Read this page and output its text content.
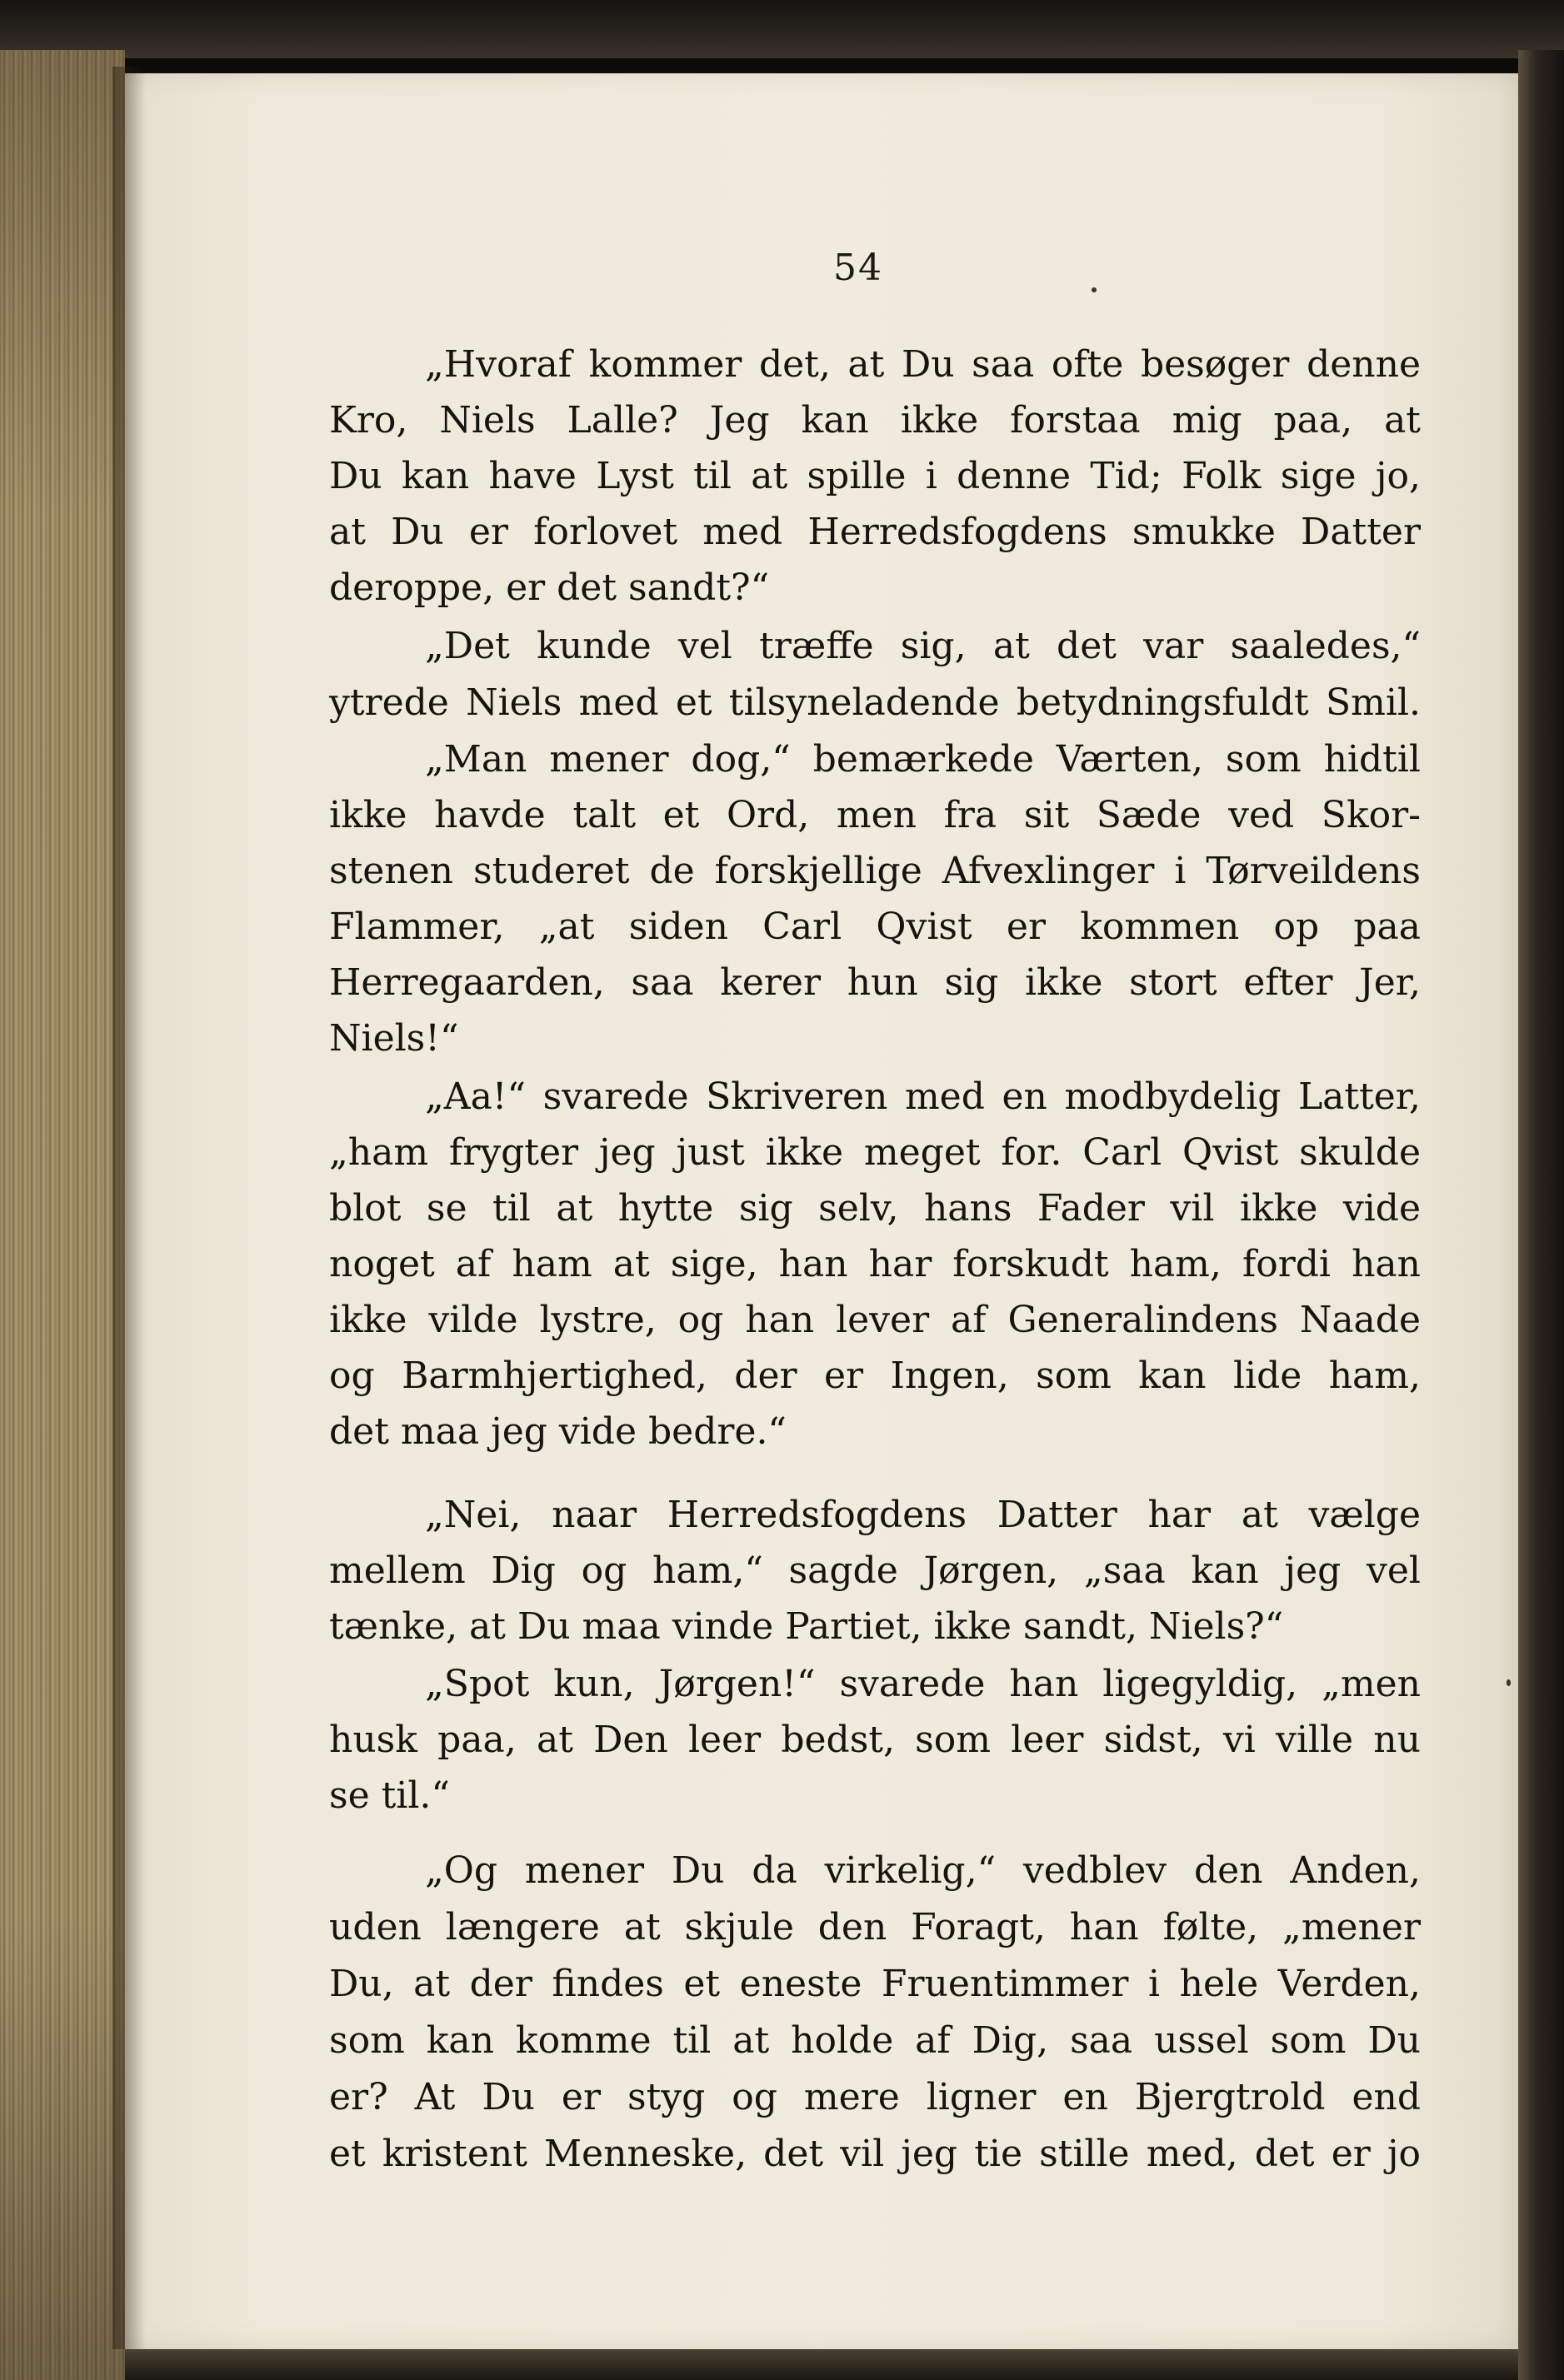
54
„Hvoraf kommer det, at Du saa ofte besøger denne
Kro, Niels Lalle? Jeg kan ikke forstaa mig paa, at
Du kan have Lyst til at spille i denne Tid; Folk sige jo,
at Du er forlovet med Herredsfogdens smukke Datter
deroppe, er det sandt?“
„Det kunde vel træffe sig, at det var saaledes,“
ytrede Niels med et tilsyneladende betydningsfuldt Smil.
„Man mener dog,“ bemærkede Værten, som hidtil
ikke havde talt et Ord, men fra sit Sæde ved Skor-
stenen studeret de forskjellige Afvexlinger i Tørveildens
Flammer, „at siden Carl Qvist er kommen op paa
Herregaarden, saa kerer hun sig ikke stort efter Jer,
Niels!“
„Aa!“ svarede Skriveren med en modbydelig Latter,
„ham frygter jeg just ikke meget for. Carl Qvist skulde
blot se til at hytte sig selv, hans Fader vil ikke vide
noget af ham at sige, han har forskudt ham, fordi han
ikke vilde lystre, og han lever af Generalindens Naade
og Barmhjertighed, der er Ingen, som kan lide ham,
det maa jeg vide bedre.“
„Nei, naar Herredsfogdens Datter har at vælge
mellem Dig og ham,“ sagde Jørgen, „saa kan jeg vel
tænke, at Du maa vinde Partiet, ikke sandt, Niels?“
„Spot kun, Jørgen!“ svarede han ligegyldig, „men
husk paa, at Den leer bedst, som leer sidst, vi ville nu
se til.“
„Og mener Du da virkelig,“ vedblev den Anden,
uden længere at skjule den Foragt, han følte, „mener
Du, at der findes et eneste Fruentimmer i hele Verden,
som kan komme til at holde af Dig, saa ussel som Du
er? At Du er styg og mere ligner en Bjergtrold end
et kristent Menneske, det vil jeg tie stille med, det er jo
